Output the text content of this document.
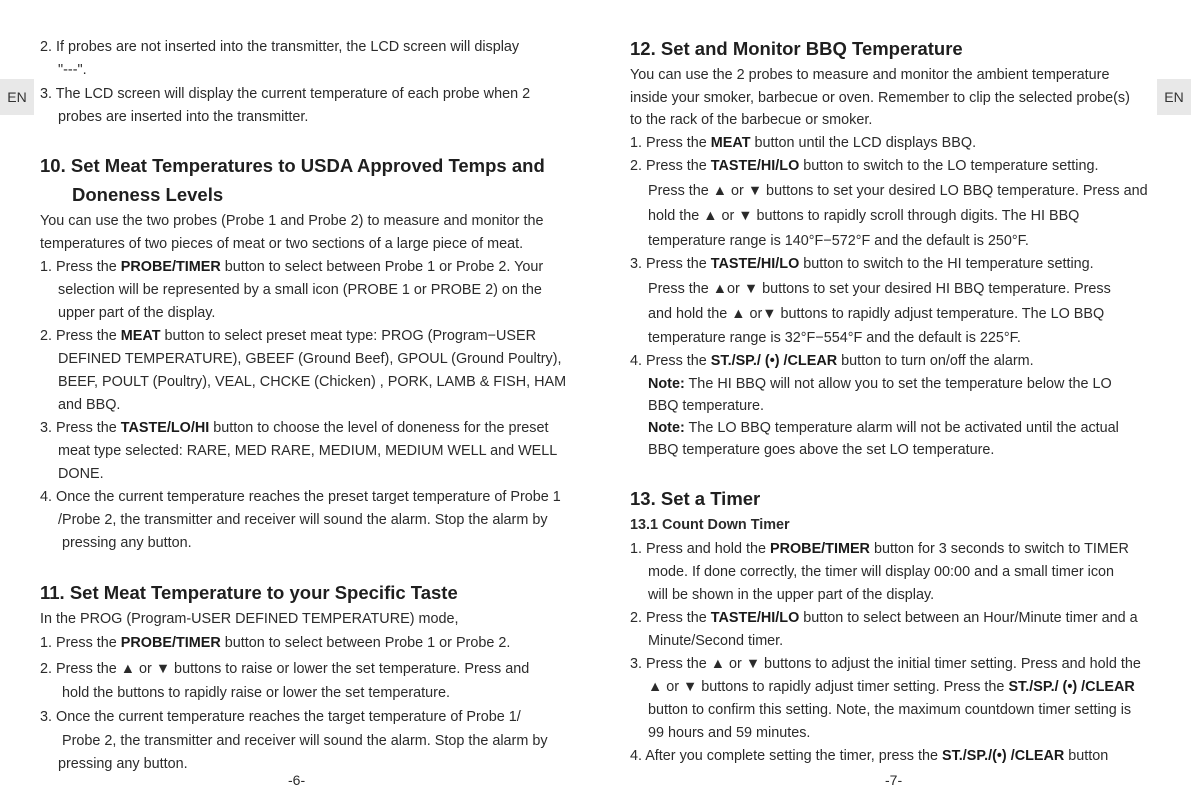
EN
2. If probes are not inserted into the transmitter, the LCD screen will display
"---".
3. The LCD screen will display the current temperature of each probe when 2
probes are inserted into the transmitter.
10. Set Meat Temperatures to USDA Approved Temps and
Doneness Levels
You can use the two probes (Probe 1 and Probe 2) to measure and monitor the
temperatures of two pieces of meat or two sections of a large piece of meat.
1. Press the PROBE/TIMER button to select between Probe 1 or Probe 2. Your
selection will be represented by a small icon (PROBE 1 or PROBE 2) on the
upper part of the display.
2. Press the MEAT button to select preset meat type: PROG (Program−USER
DEFINED TEMPERATURE), GBEEF (Ground Beef), GPOUL (Ground Poultry),
BEEF, POULT (Poultry), VEAL, CHCKE (Chicken) , PORK, LAMB & FISH, HAM
and BBQ.
3. Press the TASTE/LO/HI button to choose the level of doneness for the preset
meat type selected: RARE, MED RARE, MEDIUM, MEDIUM WELL and WELL
DONE.
4. Once the current temperature reaches the preset target temperature of Probe 1
/Probe 2, the transmitter and receiver will sound the alarm. Stop the alarm by
pressing any button.
11. Set Meat Temperature to your Specific Taste
In the PROG (Program-USER DEFINED TEMPERATURE) mode,
1. Press the PROBE/TIMER button to select between Probe 1 or Probe 2.
2. Press the ▲ or ▼ buttons to raise or lower the set temperature. Press and
hold the buttons to rapidly raise or lower the set temperature.
3. Once the current temperature reaches the target temperature of Probe 1/
Probe 2, the transmitter and receiver will sound the alarm. Stop the alarm by
pressing any button.
-6-
EN
12. Set and Monitor BBQ Temperature
You can use the 2 probes to measure and monitor the ambient temperature
inside your smoker, barbecue or oven. Remember to clip the selected probe(s)
to the rack of the barbecue or smoker.
1. Press the MEAT button until the LCD displays BBQ.
2. Press the TASTE/HI/LO button to switch to the LO temperature setting.
Press the ▲ or ▼ buttons to set your desired LO BBQ temperature. Press and
hold the ▲ or ▼ buttons to rapidly scroll through digits. The HI BBQ
temperature range is 140°F−572°F and the default is 250°F.
3. Press the TASTE/HI/LO button to switch to the HI temperature setting.
Press the ▲or ▼ buttons to set your desired HI BBQ temperature. Press
and hold the ▲ or▼ buttons to rapidly adjust temperature. The LO BBQ
temperature range is 32°F−554°F and the default is 225°F.
4. Press the ST./SP./ (•) /CLEAR button to turn on/off the alarm.
Note: The HI BBQ will not allow you to set the temperature below the LO
BBQ temperature.
Note: The LO BBQ temperature alarm will not be activated until the actual
BBQ temperature goes above the set LO temperature.
13. Set a Timer
13.1 Count Down Timer
1. Press and hold the PROBE/TIMER button for 3 seconds to switch to TIMER
mode. If done correctly, the timer will display 00:00 and a small timer icon
will be shown in the upper part of the display.
2. Press the TASTE/HI/LO button to select between an Hour/Minute timer and a
Minute/Second timer.
3. Press the ▲ or ▼ buttons to adjust the initial timer setting. Press and hold the
▲ or ▼ buttons to rapidly adjust timer setting. Press the ST./SP./ (•) /CLEAR
button to confirm this setting. Note, the maximum countdown timer setting is
99 hours and 59 minutes.
4. After you complete setting the timer, press the ST./SP./(•) /CLEAR button
-7-
